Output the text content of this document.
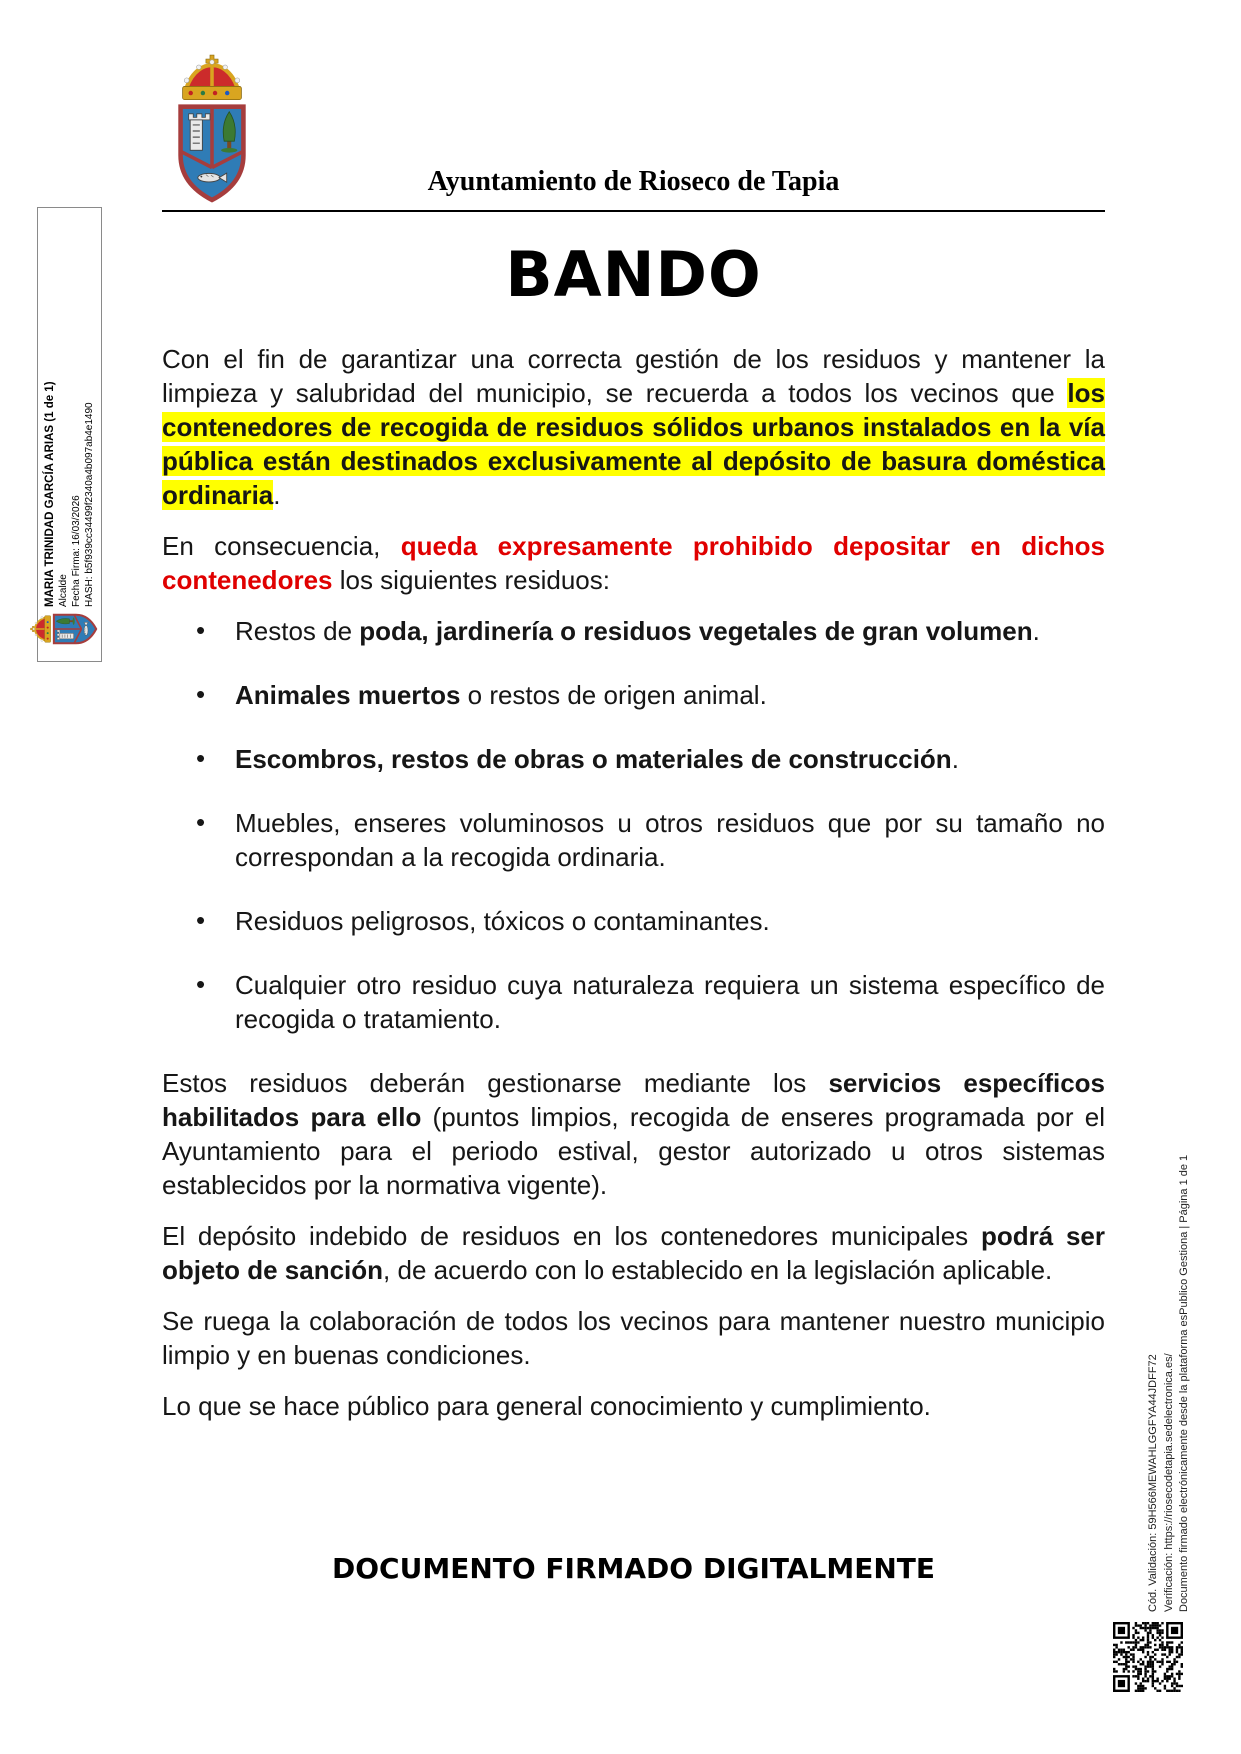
Ayuntamiento de Rioseco de Tapia
BANDO

Con el fin de garantizar una correcta gestión de los residuos y mantener la limpieza y salubridad del municipio, se recuerda a todos los vecinos que los contenedores de recogida de residuos sólidos urbanos instalados en la vía pública están destinados exclusivamente al depósito de basura doméstica ordinaria.

En consecuencia, queda expresamente prohibido depositar en dichos contenedores los siguientes residuos:

• Restos de poda, jardinería o residuos vegetales de gran volumen.
• Animales muertos o restos de origen animal.
• Escombros, restos de obras o materiales de construcción.
• Muebles, enseres voluminosos u otros residuos que por su tamaño no correspondan a la recogida ordinaria.
• Residuos peligrosos, tóxicos o contaminantes.
• Cualquier otro residuo cuya naturaleza requiera un sistema específico de recogida o tratamiento.

Estos residuos deberán gestionarse mediante los servicios específicos habilitados para ello (puntos limpios, recogida de enseres programada por el Ayuntamiento para el periodo estival, gestor autorizado u otros sistemas establecidos por la normativa vigente).

El depósito indebido de residuos en los contenedores municipales podrá ser objeto de sanción, de acuerdo con lo establecido en la legislación aplicable.

Se ruega la colaboración de todos los vecinos para mantener nuestro municipio limpio y en buenas condiciones.

Lo que se hace público para general conocimiento y cumplimiento.

DOCUMENTO FIRMADO DIGITALMENTE
MARIA TRINIDAD GARCÍA ARIAS (1 de 1) Alcalde Fecha Firma: 16/03/2026 HASH: b5f939cc34499f2340a4b097ab4e1490
Cód. Validación: 59H566MEWAHLGGFYA44JDFF72 Verificación: https://riosecodetapia.sedelectronica.es/ Documento firmado electrónicamente desde la plataforma esPublico Gestiona | Página 1 de 1
